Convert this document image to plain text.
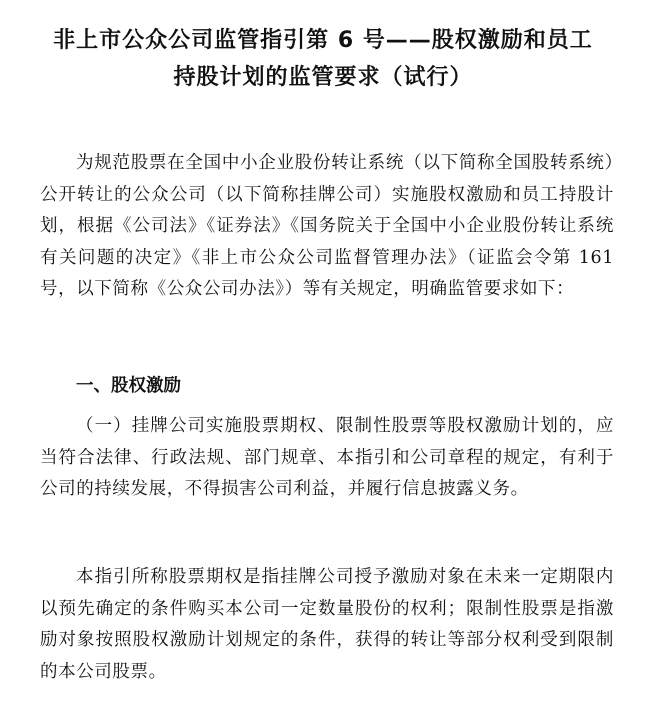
非上市公众公司监管指引第 6 号——股权激励和员工
持股计划的监管要求（试行）

为规范股票在全国中小企业股份转让系统（以下简称全国股转系统）公开转让的公众公司（以下简称挂牌公司）实施股权激励和员工持股计划，根据《公司法》《证券法》《国务院关于全国中小企业股份转让系统有关问题的决定》《非上市公众公司监督管理办法》（证监会令第 161 号，以下简称《公众公司办法》）等有关规定，明确监管要求如下：

一、股权激励

（一）挂牌公司实施股票期权、限制性股票等股权激励计划的，应当符合法律、行政法规、部门规章、本指引和公司章程的规定，有利于公司的持续发展，不得损害公司利益，并履行信息披露义务。

本指引所称股票期权是指挂牌公司授予激励对象在未来一定期限内以预先确定的条件购买本公司一定数量股份的权利；限制性股票是指激励对象按照股权激励计划规定的条件，获得的转让等部分权利受到限制的本公司股票。
